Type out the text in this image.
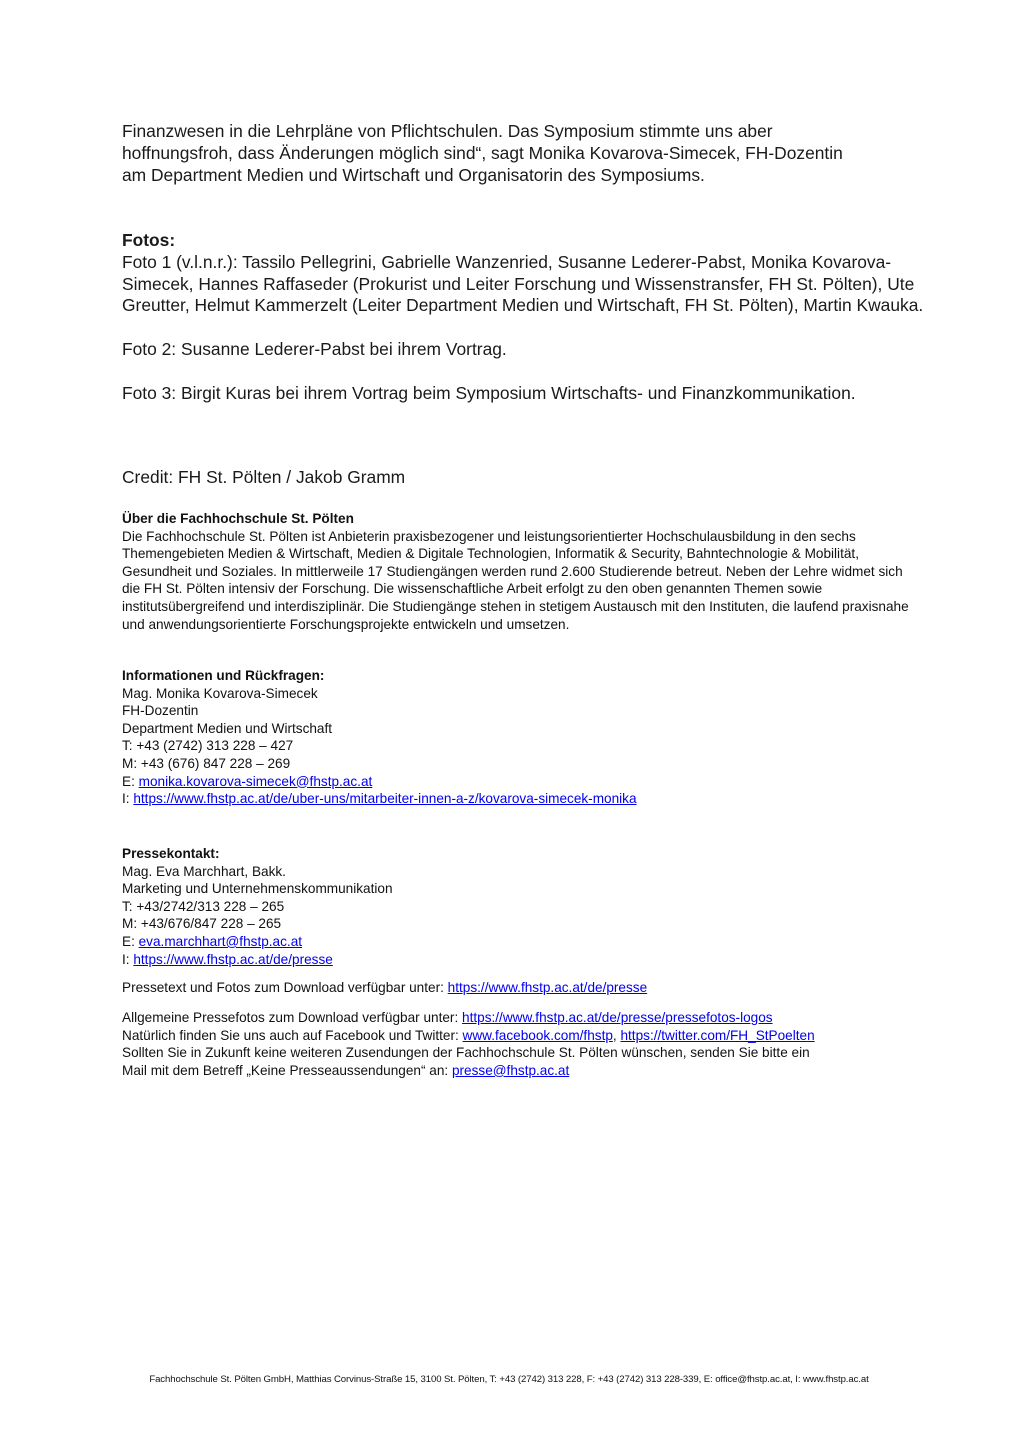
Finanzwesen in die Lehrpläne von Pflichtschulen. Das Symposium stimmte uns aber

hoffnungsfroh, dass Änderungen möglich sind“, sagt Monika Kovarova-Simecek, FH-Dozentin

am Department Medien und Wirtschaft und Organisatorin des Symposiums.

Fotos:

Foto 1 (v.l.n.r.): Tassilo Pellegrini, Gabrielle Wanzenried, Susanne Lederer-Pabst, Monika Kovarova-Simecek, Hannes Raffaseder (Prokurist und Leiter Forschung und Wissenstransfer, FH St. Pölten), Ute Greutter, Helmut Kammerzelt (Leiter Department Medien und Wirtschaft, FH St. Pölten), Martin Kwauka.

Foto 2: Susanne Lederer-Pabst bei ihrem Vortrag.

Foto 3: Birgit Kuras bei ihrem Vortrag beim Symposium Wirtschafts- und Finanzkommunikation.

Credit: FH St. Pölten / Jakob Gramm

Über die Fachhochschule St. Pölten

Die Fachhochschule St. Pölten ist Anbieterin praxisbezogener und leistungsorientierter Hochschulausbildung in den sechs Themengebieten Medien & Wirtschaft, Medien & Digitale Technologien, Informatik & Security, Bahntechnologie & Mobilität, Gesundheit und Soziales. In mittlerweile 17 Studiengängen werden rund 2.600 Studierende betreut. Neben der Lehre widmet sich die FH St. Pölten intensiv der Forschung. Die wissenschaftliche Arbeit erfolgt zu den oben genannten Themen sowie institutsübergreifend und interdisziplinär. Die Studiengänge stehen in stetigem Austausch mit den Instituten, die laufend praxisnahe und anwendungsorientierte Forschungsprojekte entwickeln und umsetzen.

Informationen und Rückfragen:

Mag. Monika Kovarova-Simecek

FH-Dozentin

Department Medien und Wirtschaft

T: +43 (2742) 313 228 – 427

M: +43 (676) 847 228 – 269

E: monika.kovarova-simecek@fhstp.ac.at

I: https://www.fhstp.ac.at/de/uber-uns/mitarbeiter-innen-a-z/kovarova-simecek-monika

Pressekontakt:

Mag. Eva Marchhart, Bakk.

Marketing und Unternehmenskommunikation

T: +43/2742/313 228 – 265

M: +43/676/847 228 – 265

E: eva.marchhart@fhstp.ac.at

I: https://www.fhstp.ac.at/de/presse

Pressetext und Fotos zum Download verfügbar unter: https://www.fhstp.ac.at/de/presse

Allgemeine Pressefotos zum Download verfügbar unter: https://www.fhstp.ac.at/de/presse/pressefotos-logos

Natürlich finden Sie uns auch auf Facebook und Twitter: www.facebook.com/fhstp, https://twitter.com/FH_StPoelten

Sollten Sie in Zukunft keine weiteren Zusendungen der Fachhochschule St. Pölten wünschen, senden Sie bitte ein

Mail mit dem Betreff „Keine Presseaussendungen“ an: presse@fhstp.ac.at

Fachhochschule St. Pölten GmbH, Matthias Corvinus-Straße 15, 3100 St. Pölten, T: +43 (2742) 313 228, F: +43 (2742) 313 228-339, E: office@fhstp.ac.at, I: www.fhstp.ac.at
